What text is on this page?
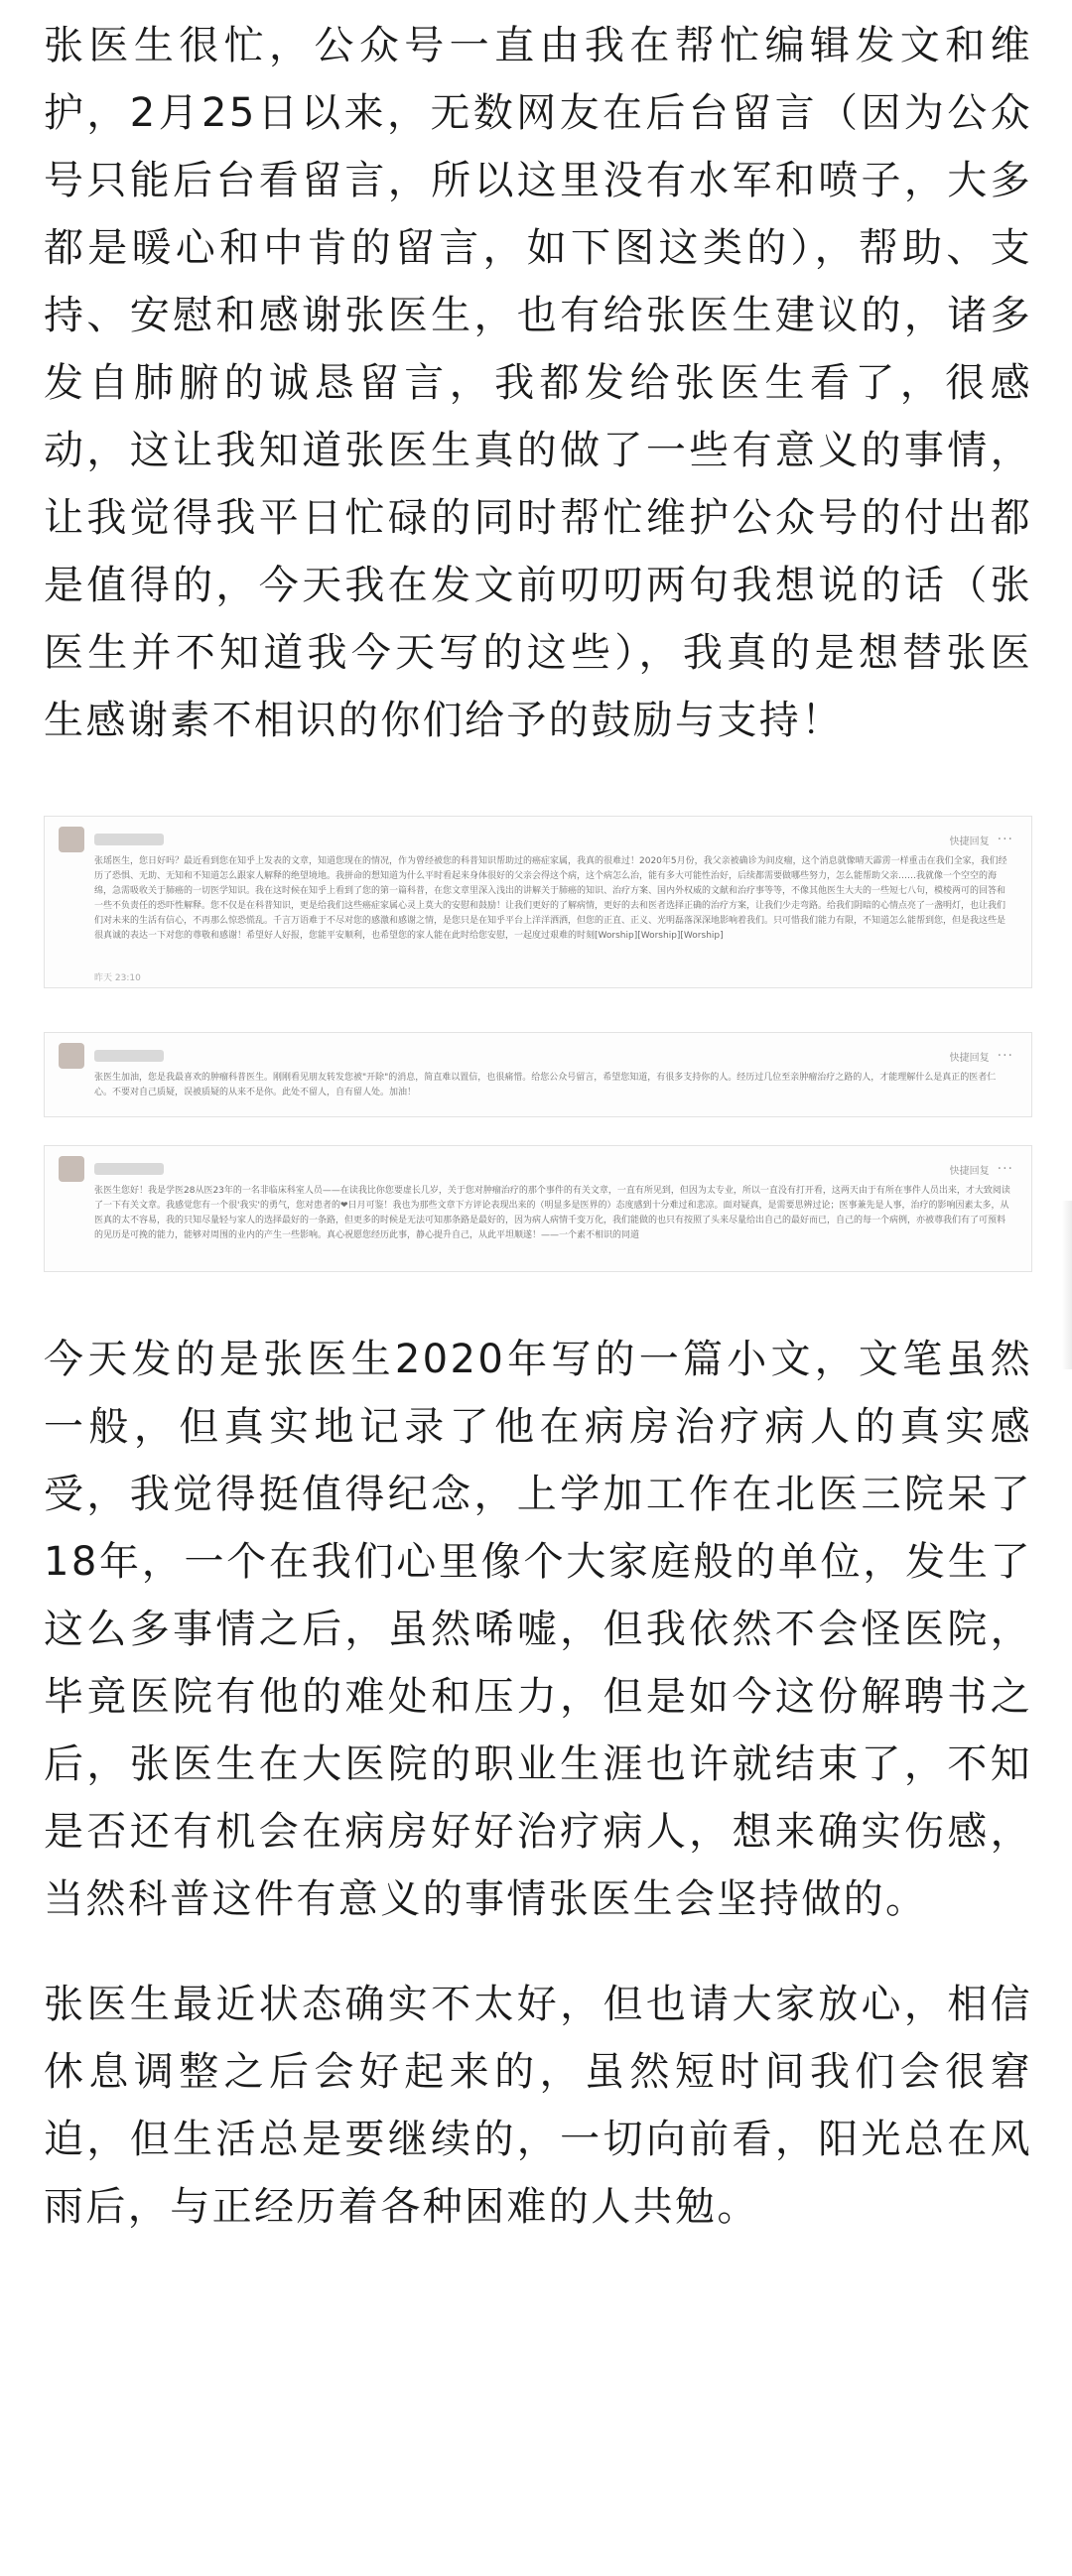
张医生很忙，公众号一直由我在帮忙编辑发文和维护，2月25日以来，无数网友在后台留言（因为公众号只能后台看留言，所以这里没有水军和喷子，大多都是暖心和中肯的留言，如下图这类的），帮助、支持、安慰和感谢张医生，也有给张医生建议的，诸多发自肺腑的诚恳留言，我都发给张医生看了，很感动，这让我知道张医生真的做了一些有意义的事情，让我觉得我平日忙碌的同时帮忙维护公众号的付出都是值得的，今天我在发文前叨叨两句我想说的话（张医生并不知道我今天写的这些），我真的是想替张医生感谢素不相识的你们给予的鼓励与支持！

快捷回复 ···
张瑶医生，您日好吗？最近看到您在知乎上发表的文章，知道您现在的情况，作为曾经被您的科普知识帮助过的癌症家属，我真的很难过！2020年5月份，我父亲被确诊为间皮瘤，这个消息就像晴天霹雳一样重击在我们全家，我们经历了恐惧、无助、无知和不知道怎么跟家人解释的绝望境地。我拼命的想知道为什么平时看起来身体很好的父亲会得这个病，这个病怎么治，能有多大可能性治好，后续都需要做哪些努力，怎么能帮助父亲……我就像一个空空的海绵，急需吸收关于肺癌的一切医学知识。我在这时候在知乎上看到了您的第一篇科普，在您文章里深入浅出的讲解关于肺癌的知识、治疗方案、国内外权威的文献和治疗事等等，不像其他医生大夫的一些短七八句，模棱两可的回答和一些不负责任的恐吓性解释。您不仅是在科普知识，更是给我们这些癌症家属心灵上莫大的安慰和鼓励！让我们更好的了解病情，更好的去和医者选择正确的治疗方案，让我们少走弯路。给我们阴暗的心情点亮了一盏明灯，也让我们们对未来的生活有信心，不再那么惊恐慌乱。千言万语难于不尽对您的感激和感谢之情，是您只是在知乎平台上洋洋洒洒，但您的正直、正义、光明磊落深深地影响着我们。只可惜我们能力有限，不知道怎么能帮到您，但是我这些是很真诚的表达一下对您的尊敬和感谢！希望好人好报，您能平安顺利，也希望您的家人能在此时给您安慰，一起度过艰难的时刻[Worship][Worship][Worship]
昨天 23:10
快捷回复 ···
张医生加油，您是我最喜欢的肿瘤科普医生。刚刚看见朋友转发您被"开除"的消息，简直难以置信，也很痛惜。给您公众号留言，希望您知道，有很多支持你的人。经历过几位至亲肿瘤治疗之路的人，才能理解什么是真正的医者仁心。不要对自己质疑，误被质疑的从来不是你。此处不留人，自有留人处。加油！
快捷回复 ···
张医生您好！我是学医28从医23年的一名非临床科室人员——在读我比你您要虚长几岁，关于您对肿瘤治疗的那个事件的有关文章，一直有所见到，但因为太专业，所以一直没有打开看，这两天由于有所在事件人员出来，才大致阅读了一下有关文章。我感觉您有一个很'我实'的勇气，您对患者的❤日月可鉴！我也为那些文章下方评论表现出来的（明显多是医界的）态度感到十分难过和悲凉。面对疑真，是需要思辨过论；医事兼先是人事，治疗的影响因素太多，从医真的太不容易，我的只知尽量轻与家人的选择最好的一条路，但更多的时候是无法可知那条路是最好的，因为病人病情千变万化，我们能做的也只有按照了头来尽量给出自己的最好而已，自己的每一个病例，亦被尊我们有了可预料的见历是可挽的能力，能够对周围的业内的产生一些影响。真心祝愿您经历此事，静心提升自己，从此平坦顺遂！——一个素不相识的同道

今天发的是张医生2020年写的一篇小文，文笔虽然一般，但真实地记录了他在病房治疗病人的真实感受，我觉得挺值得纪念，上学加工作在北医三院呆了18年，一个在我们心里像个大家庭般的单位，发生了这么多事情之后，虽然唏嘘，但我依然不会怪医院，毕竟医院有他的难处和压力，但是如今这份解聘书之后，张医生在大医院的职业生涯也许就结束了，不知是否还有机会在病房好好治疗病人，想来确实伤感，当然科普这件有意义的事情张医生会坚持做的。

张医生最近状态确实不太好，但也请大家放心，相信休息调整之后会好起来的，虽然短时间我们会很窘迫，但生活总是要继续的，一切向前看，阳光总在风雨后，与正经历着各种困难的人共勉。
